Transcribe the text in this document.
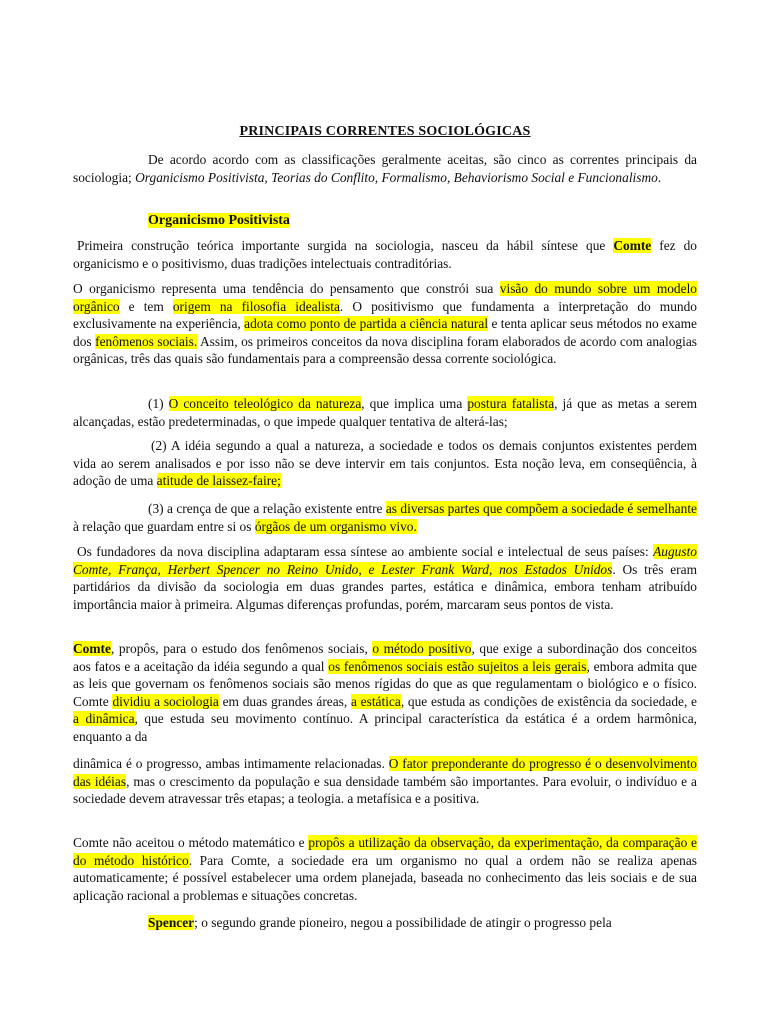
PRINCIPAIS CORRENTES SOCIOLÓGICAS

De acordo acordo com as classificações geralmente aceitas, são cinco as correntes principais da sociologia; Organicismo Positivista, Teorias do Conflito, Formalismo, Behaviorismo Social e Funcionalismo.

Organicismo Positivista

Primeira construção teórica importante surgida na sociologia, nasceu da hábil síntese que Comte fez do organicismo e o positivismo, duas tradições intelectuais contraditórias.

O organicismo representa uma tendência do pensamento que constrói sua visão do mundo sobre um modelo orgânico e tem origem na filosofia idealista. O positivismo que fundamenta a interpretação do mundo exclusivamente na experiência, adota como ponto de partida a ciência natural e tenta aplicar seus métodos no exame dos fenômenos sociais. Assim, os primeiros conceitos da nova disciplina foram elaborados de acordo com analogias orgânicas, três das quais são fundamentais para a compreensão dessa corrente sociológica.

(1) O conceito teleológico da natureza, que implica uma postura fatalista, já que as metas a serem alcançadas, estão predeterminadas, o que impede qualquer tentativa de alterá-las;

(2) A idéia segundo a qual a natureza, a sociedade e todos os demais conjuntos existentes perdem vida ao serem analisados e por isso não se deve intervir em tais conjuntos. Esta noção leva, em conseqüência, à adoção de uma atitude de laissez-faire;

(3) a crença de que a relação existente entre as diversas partes que compõem a sociedade é semelhante à relação que guardam entre si os órgãos de um organismo vivo.

Os fundadores da nova disciplina adaptaram essa síntese ao ambiente social e intelectual de seus países: Augusto Comte, França, Herbert Spencer no Reino Unido, e Lester Frank Ward, nos Estados Unidos. Os três eram partidários da divisão da sociologia em duas grandes partes, estática e dinâmica, embora tenham atribuído importância maior à primeira. Algumas diferenças profundas, porém, marcaram seus pontos de vista.

Comte, propôs, para o estudo dos fenômenos sociais, o método positivo, que exige a subordinação dos conceitos aos fatos e a aceitação da idéia segundo a qual os fenômenos sociais estão sujeitos a leis gerais, embora admita que as leis que governam os fenômenos sociais são menos rígidas do que as que regulamentam o biológico e o físico. Comte dividiu a sociologia em duas grandes áreas, a estática, que estuda as condições de existência da sociedade, e a dinâmica, que estuda seu movimento contínuo. A principal característica da estática é a ordem harmônica, enquanto a da

dinâmica é o progresso, ambas intimamente relacionadas. O fator preponderante do progresso é o desenvolvimento das idéias, mas o crescimento da população e sua densidade também são importantes. Para evoluir, o indivíduo e a sociedade devem atravessar três etapas; a teologia. a metafísica e a positiva.

Comte não aceitou o método matemático e propôs a utilização da observação, da experimentação, da comparação e do método histórico. Para Comte, a sociedade era um organismo no qual a ordem não se realiza apenas automaticamente; é possível estabelecer uma ordem planejada, baseada no conhecimento das leis sociais e de sua aplicação racional a problemas e situações concretas.

Spencer; o segundo grande pioneiro, negou a possibilidade de atingir o progresso pela
